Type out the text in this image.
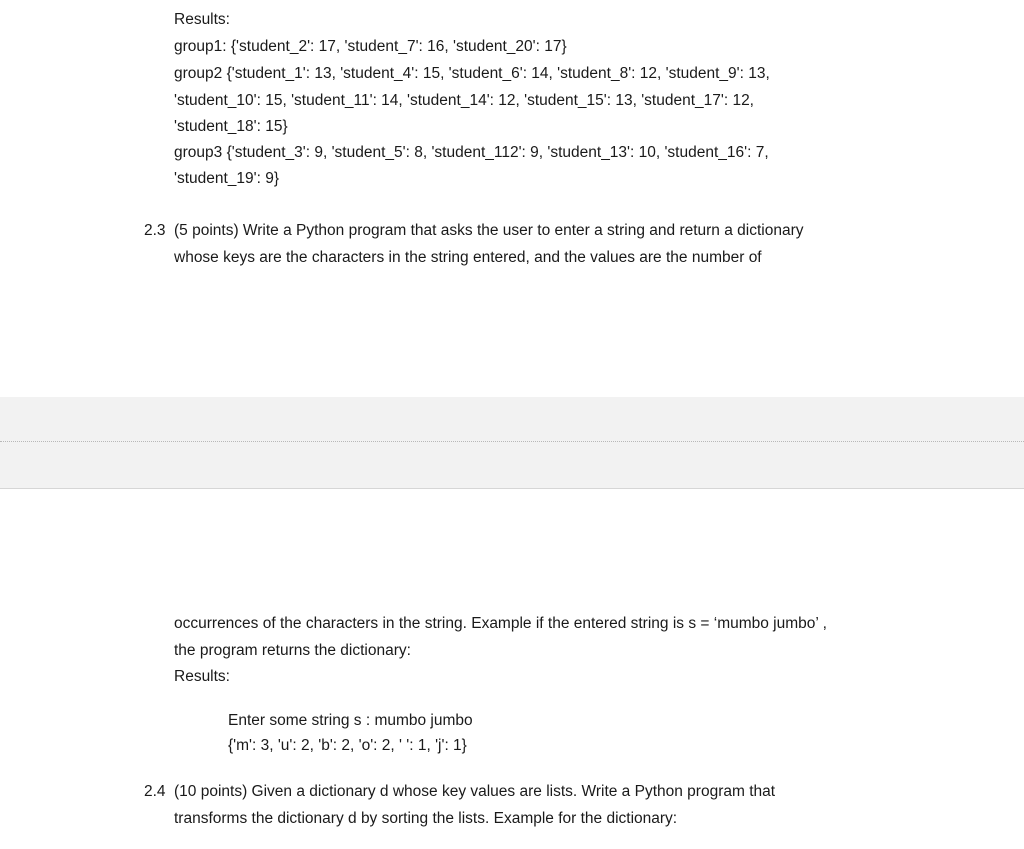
Results:
group1: {'student_2': 17, 'student_7': 16, 'student_20': 17}
group2 {'student_1': 13, 'student_4': 15, 'student_6': 14, 'student_8': 12, 'student_9': 13,
'student_10': 15, 'student_11': 14, 'student_14': 12, 'student_15': 13, 'student_17': 12,
'student_18': 15}
group3 {'student_3': 9, 'student_5': 8, 'student_112': 9, 'student_13': 10, 'student_16': 7,
'student_19': 9}
2.3 (5 points) Write a Python program that asks the user to enter a string and return a dictionary
whose keys are the characters in the string entered, and the values are the number of
occurrences of the characters in the string. Example if the entered string is s = ‘mumbo jumbo’ ,
the program returns the dictionary:
Results:
Enter some string s : mumbo jumbo
{'m': 3, 'u': 2, 'b': 2, 'o': 2, ' ': 1, 'j': 1}
2.4 (10 points) Given a dictionary d whose key values are lists. Write a Python program that
transforms the dictionary d by sorting the lists. Example for the dictionary:
